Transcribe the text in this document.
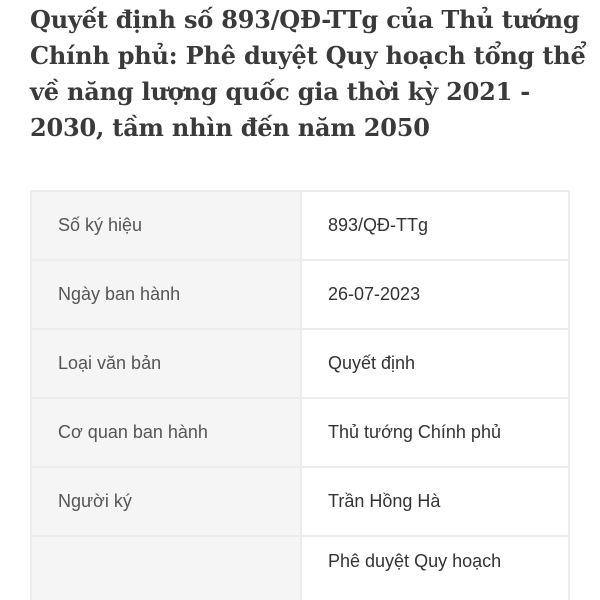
Quyết định số 893/QĐ-TTg của Thủ tướng Chính phủ: Phê duyệt Quy hoạch tổng thể về năng lượng quốc gia thời kỳ 2021 - 2030, tầm nhìn đến năm 2050
Số ký hiệu	893/QĐ-TTg
Ngày ban hành	26-07-2023
Loại văn bản	Quyết định
Cơ quan ban hành	Thủ tướng Chính phủ
Người ký	Trần Hồng Hà
	Phê duyệt Quy hoạch
